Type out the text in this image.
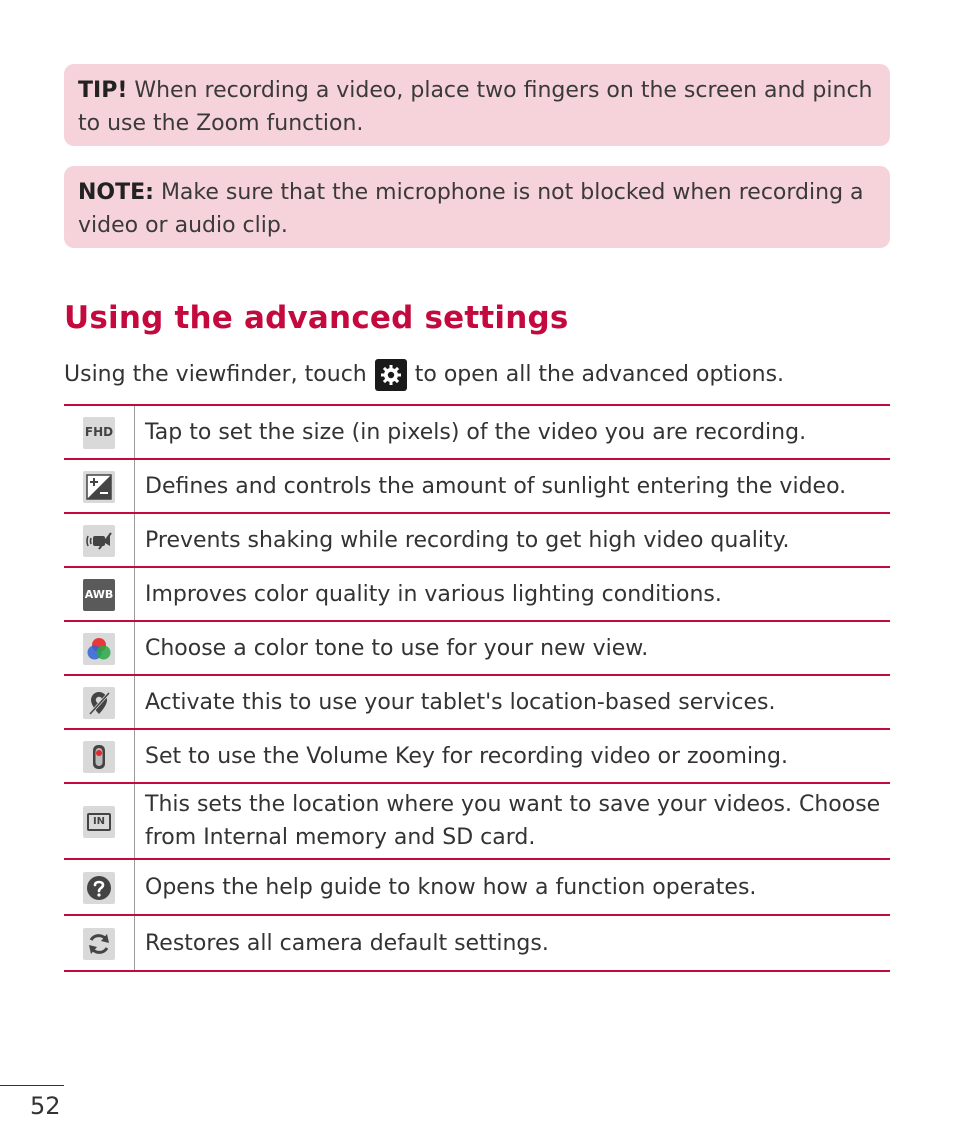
TIP! When recording a video, place two fingers on the screen and pinch to use the Zoom function.
NOTE: Make sure that the microphone is not blocked when recording a video or audio clip.
Using the advanced settings
Using the viewfinder, touch to open all the advanced options.
FHD	Tap to set the size (in pixels) of the video you are recording.

	Defines and controls the amount of sunlight entering the video.

	Prevents shaking while recording to get high video quality.

AWB	Improves color quality in various lighting conditions.

	Choose a color tone to use for your new view.

	Activate this to use your tablet's location-based services.

	Set to use the Volume Key for recording video or zooming.

IN	This sets the location where you want to save your videos. Choose from Internal memory and SD card.

	Opens the help guide to know how a function operates.

	Restores all camera default settings.
52
